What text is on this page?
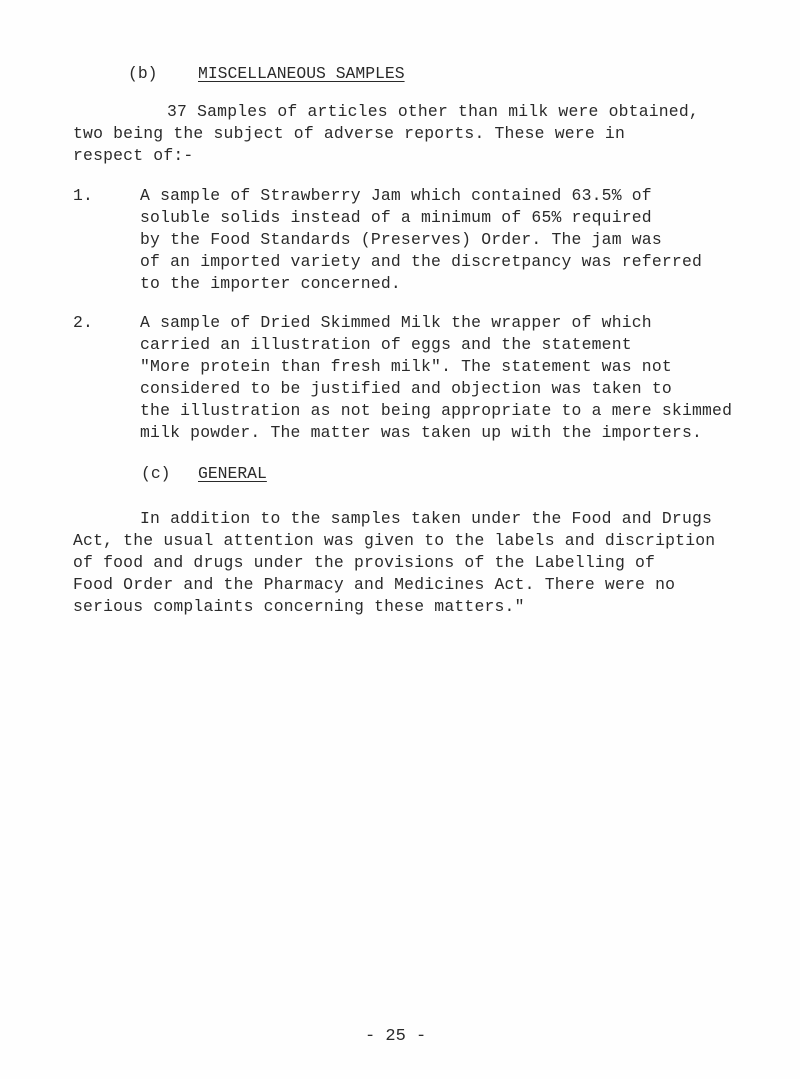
(b) MISCELLANEOUS SAMPLES
37 Samples of articles other than milk were obtained,
two being the subject of adverse reports. These were in
respect of:-
1.	A sample of Strawberry Jam which contained 63.5% of
soluble solids instead of a minimum of 65% required
by the Food Standards (Preserves) Order. The jam was
of an imported variety and the discretpancy was referred
to the importer concerned.
2.	A sample of Dried Skimmed Milk the wrapper of which
carried an illustration of eggs and the statement
"More protein than fresh milk". The statement was not
considered to be justified and objection was taken to
the illustration as not being appropriate to a mere skimmed
milk powder. The matter was taken up with the importers.
(c) GENERAL
In addition to the samples taken under the Food and Drugs
Act, the usual attention was given to the labels and discription
of food and drugs under the provisions of the Labelling of
Food Order and the Pharmacy and Medicines Act. There were no
serious complaints concerning these matters."
- 25 -
